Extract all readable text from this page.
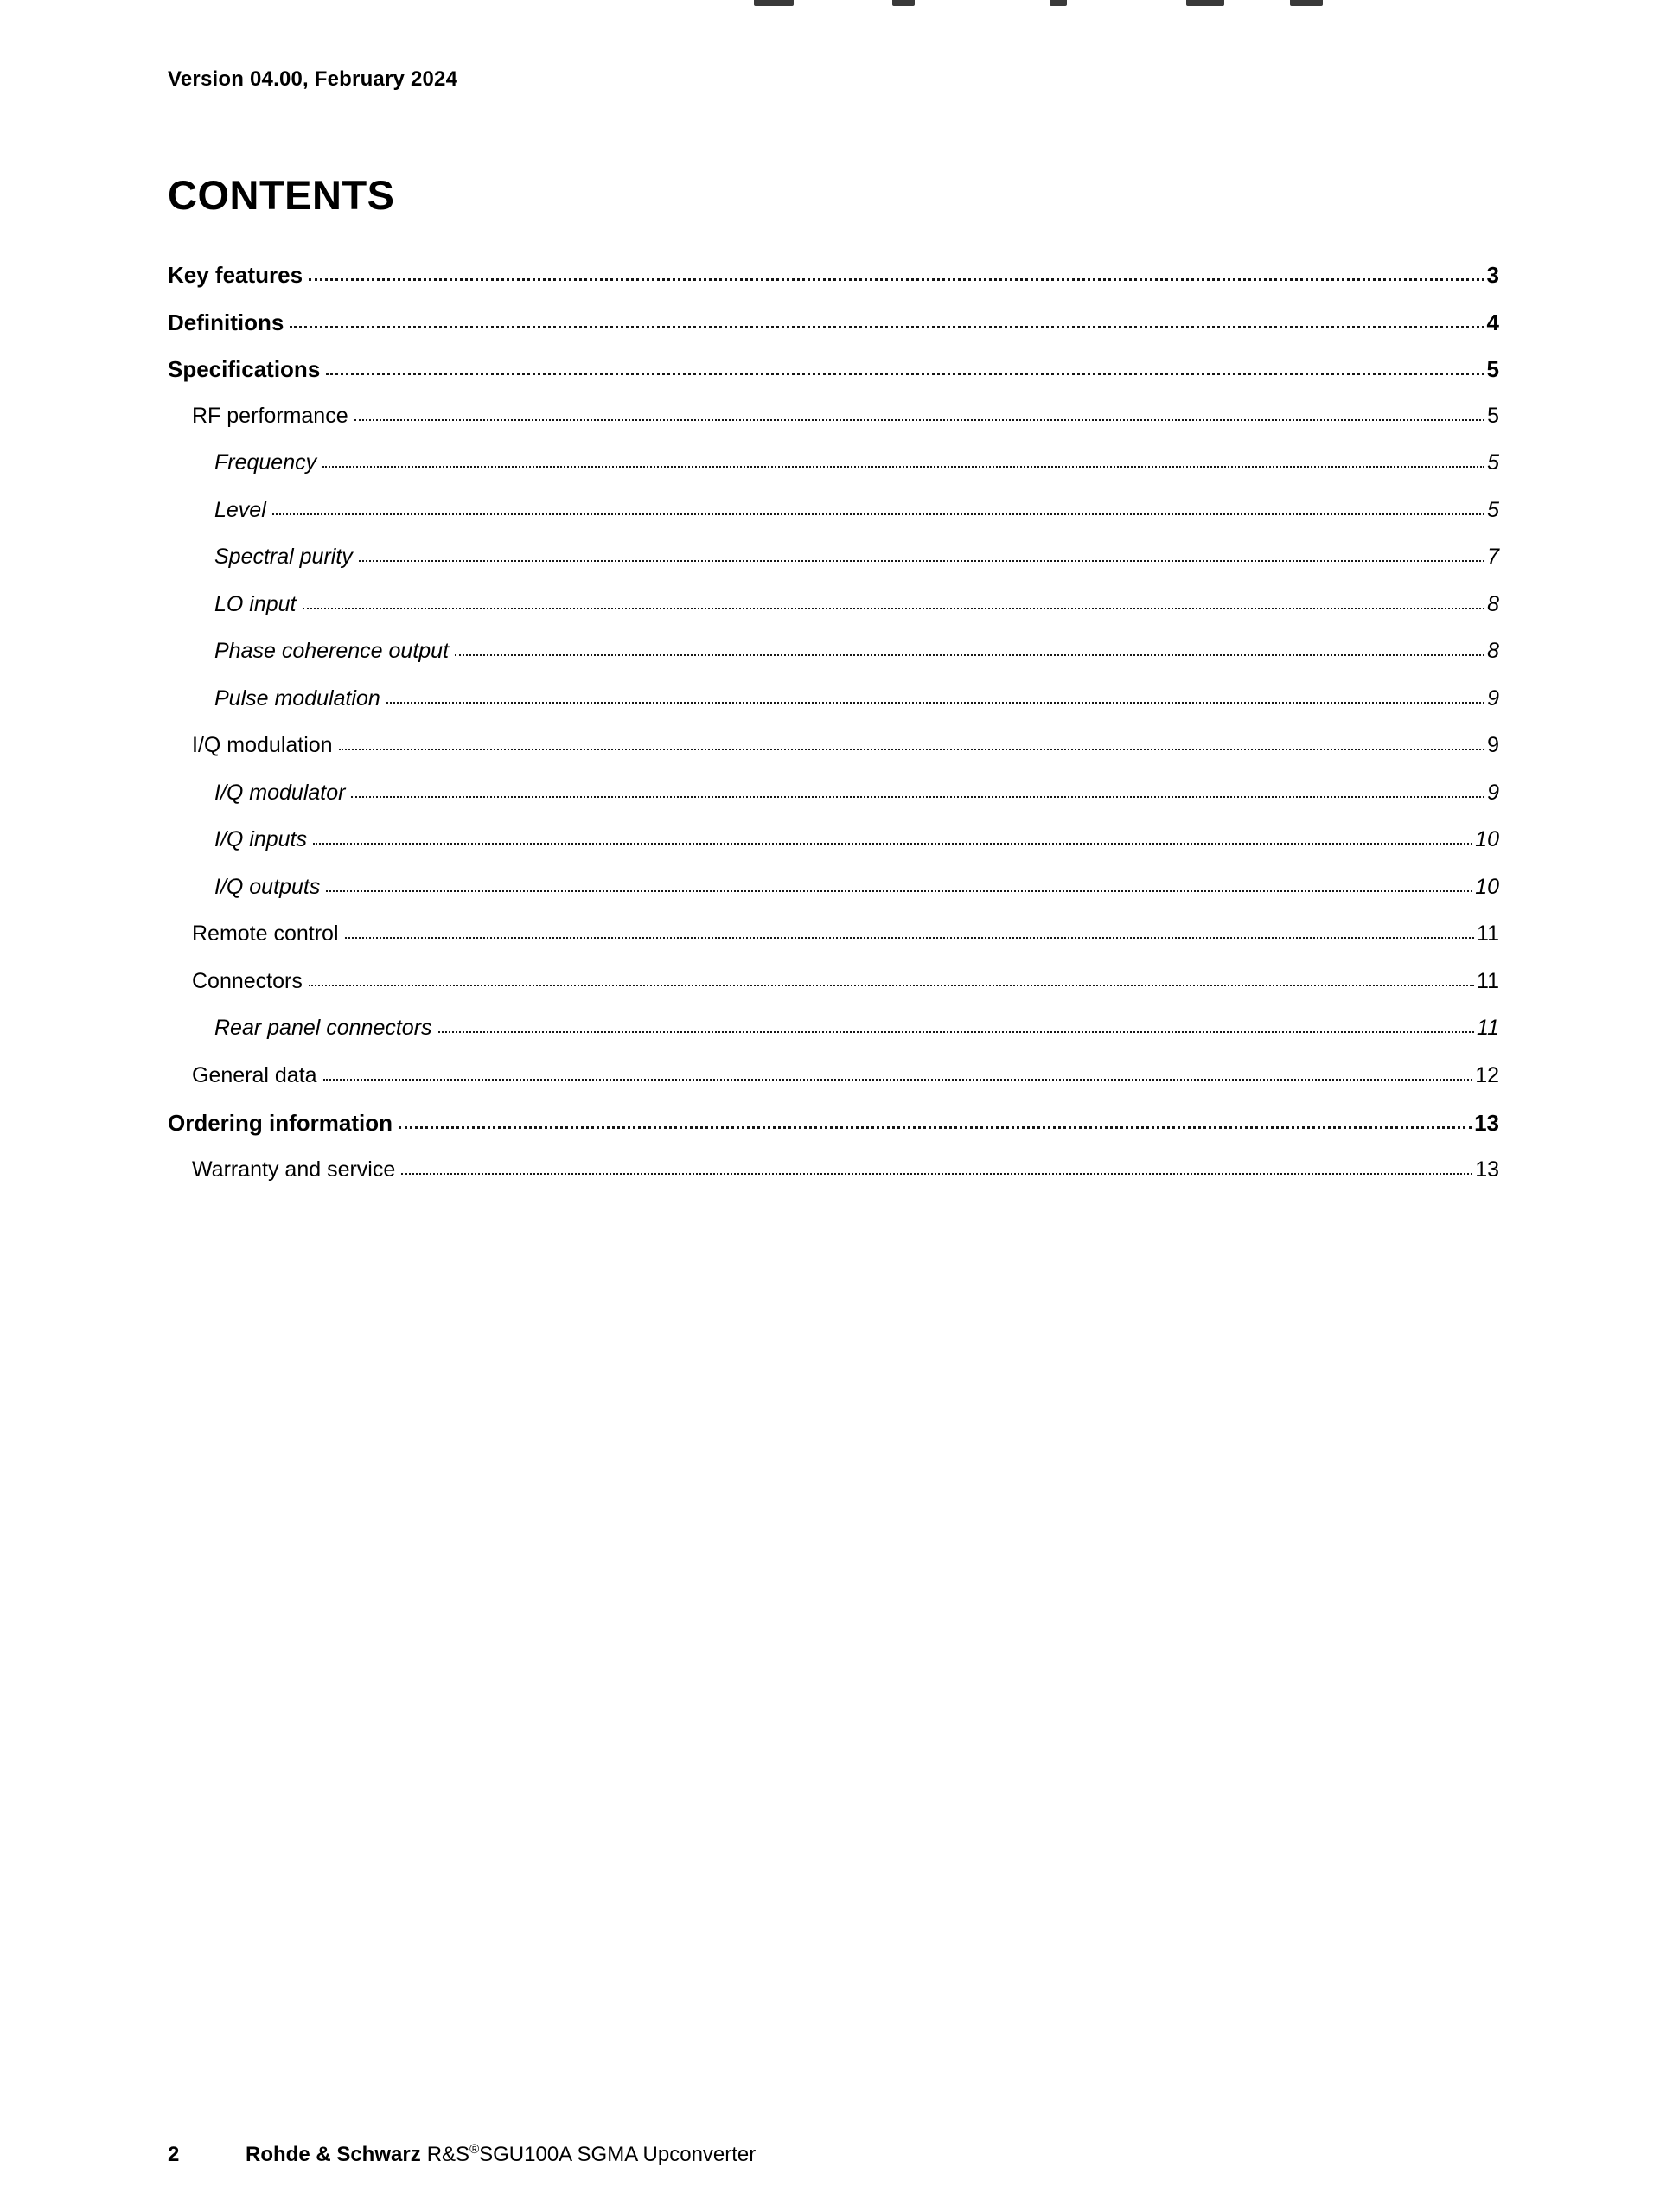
Version 04.00, February 2024
CONTENTS
Key features	3
Definitions	4
Specifications	5
RF performance	5
Frequency	5
Level	5
Spectral purity	7
LO input	8
Phase coherence output	8
Pulse modulation	9
I/Q modulation	9
I/Q modulator	9
I/Q inputs	10
I/Q outputs	10
Remote control	11
Connectors	11
Rear panel connectors	11
General data	12
Ordering information	13
Warranty and service	13
2	Rohde & Schwarz R&S®SGU100A SGMA Upconverter
